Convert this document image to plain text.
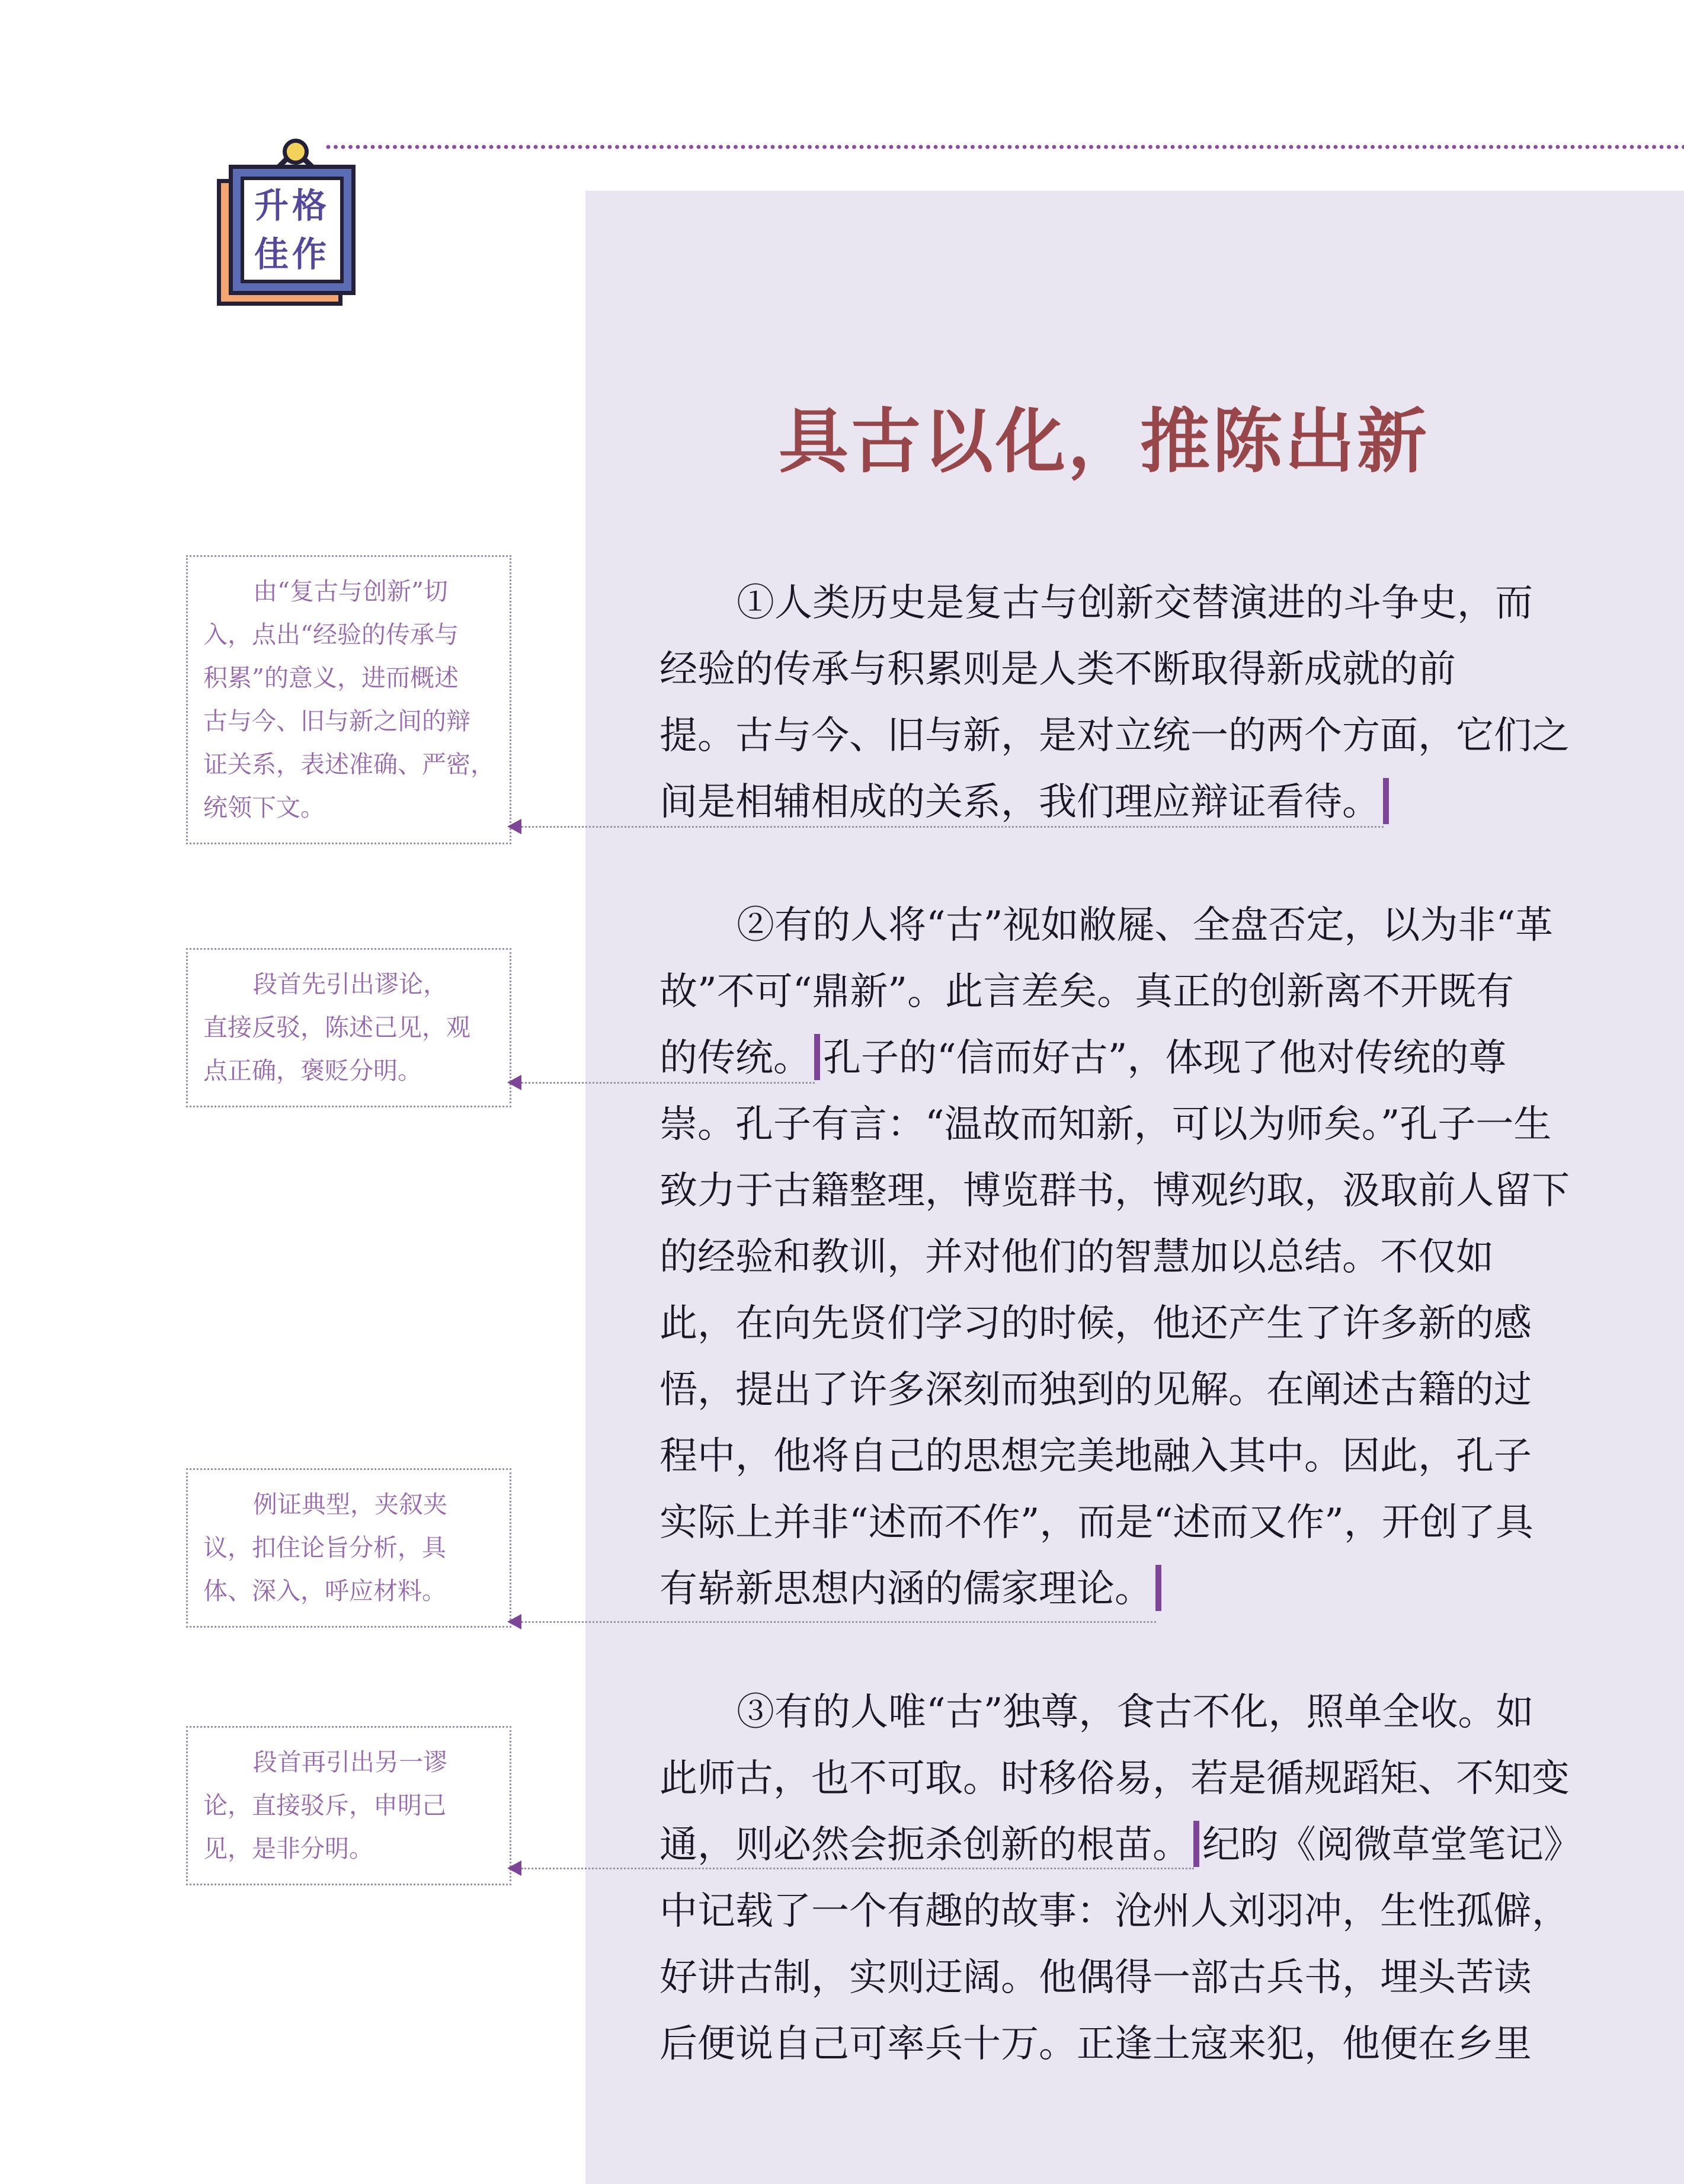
升格
佳作
具古以化，推陈出新
①人类历史是复古与创新交替演进的斗争史，而
经验的传承与积累则是人类不断取得新成就的前
提。古与今、旧与新，是对立统一的两个方面，它们之
间是相辅相成的关系，我们理应辩证看待。
②有的人将“古”视如敝屣、全盘否定，以为非“革
故”不可“鼎新”。此言差矣。真正的创新离不开既有
的传统。 孔子的“信而好古”，体现了他对传统的尊
崇。孔子有言：“温故而知新，可以为师矣。”孔子一生
致力于古籍整理，博览群书，博观约取，汲取前人留下
的经验和教训，并对他们的智慧加以总结。不仅如
此，在向先贤们学习的时候，他还产生了许多新的感
悟，提出了许多深刻而独到的见解。在阐述古籍的过
程中，他将自己的思想完美地融入其中。因此，孔子
实际上并非“述而不作”，而是“述而又作”，开创了具
有崭新思想内涵的儒家理论。
③有的人唯“古”独尊，食古不化，照单全收。如
此师古，也不可取。时移俗易，若是循规蹈矩、不知变
通，则必然会扼杀创新的根苗。 纪昀《阅微草堂笔记》
中记载了一个有趣的故事：沧州人刘羽冲，生性孤僻，
好讲古制，实则迂阔。他偶得一部古兵书，埋头苦读
后便说自己可率兵十万。正逢土寇来犯，他便在乡里
由“复古与创新”切
入，点出“经验的传承与
积累”的意义，进而概述
古与今、旧与新之间的辩
证关系，表述准确、严密，
统领下文。
段首先引出谬论，
直接反驳，陈述己见，观
点正确，褒贬分明。
例证典型，夹叙夹
议，扣住论旨分析，具
体、深入，呼应材料。
段首再引出另一谬
论，直接驳斥，申明己
见，是非分明。
